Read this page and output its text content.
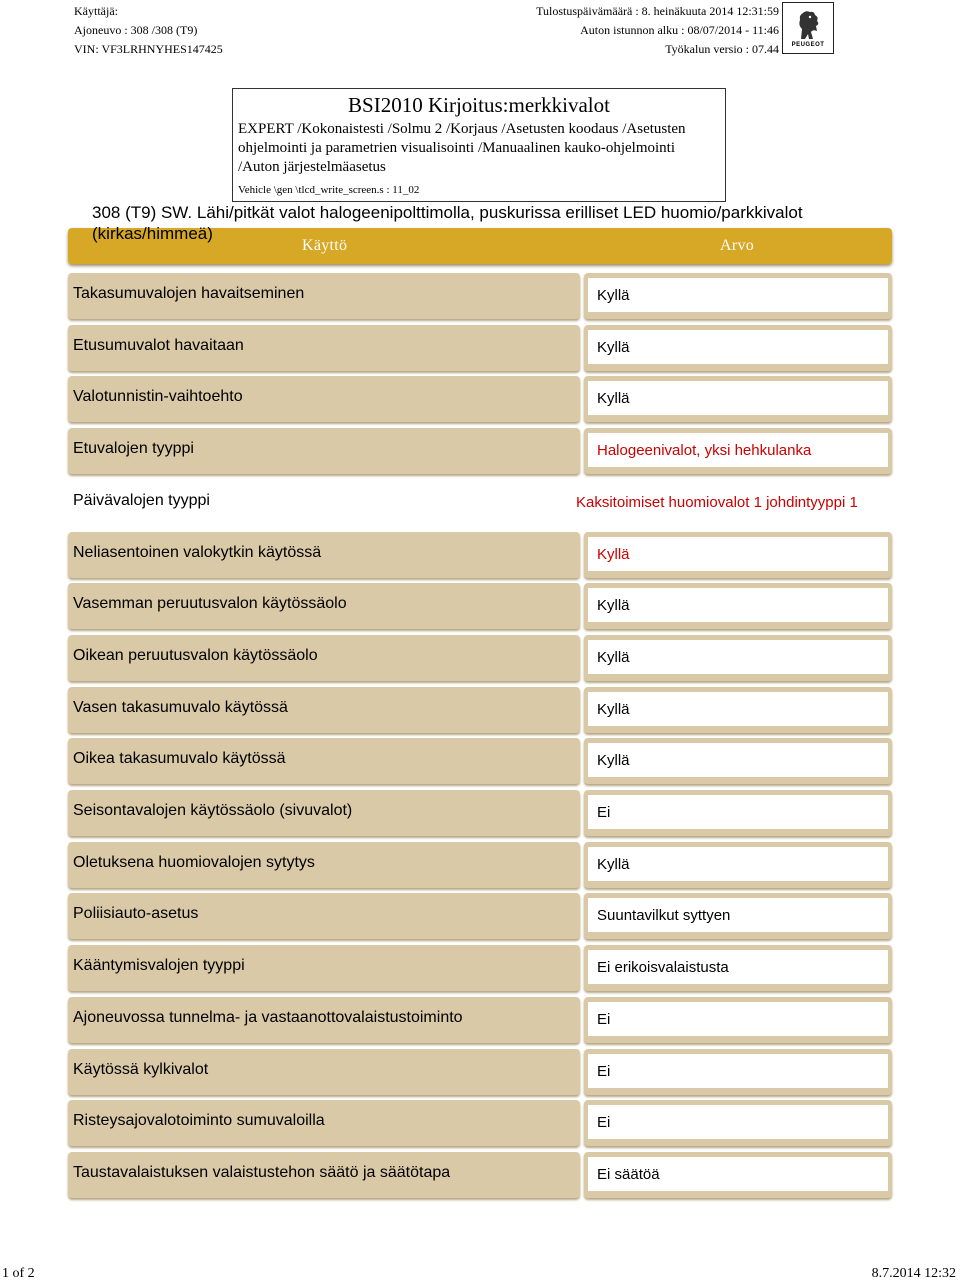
Käyttäjä:
Ajoneuvo : 308 /308 (T9)
VIN: VF3LRHNYHES147425
Tulostuspäivämäärä : 8. heinäkuuta 2014 12:31:59
Auton istunnon alku : 08/07/2014 - 11:46
Työkalun versio : 07.44 PEUGEOT
BSI2010 Kirjoitus:merkkivalot
EXPERT /Kokonaistesti /Solmu 2 /Korjaus /Asetusten koodaus /Asetusten ohjelmointi ja parametrien visualisointi /Manuaalinen kauko-ohjelmointi /Auton järjestelmäasetus
Vehicle \gen \tlcd_write_screen.s : 11_02
308 (T9) SW. Lähi/pitkät valot halogeenipolttimolla, puskurissa erilliset LED huomio/parkkivalot (kirkas/himmeä)
Käyttö	Arvo
Takasumuvalojen havaitseminen	Kyllä
Etusumuvalot havaitaan	Kyllä
Valotunnistin-vaihtoehto	Kyllä
Etuvalojen tyyppi	Halogeenivalot, yksi hehkulanka
Päivävalojen tyyppi	Kaksitoimiset huomiovalot 1 johdintyyppi 1
Neliasentoinen valokytkin käytössä	Kyllä
Vasemman peruutusvalon käytössäolo	Kyllä
Oikean peruutusvalon käytössäolo	Kyllä
Vasen takasumuvalo käytössä	Kyllä
Oikea takasumuvalo käytössä	Kyllä
Seisontavalojen käytössäolo (sivuvalot)	Ei
Oletuksena huomiovalojen sytytys	Kyllä
Poliisiauto-asetus	Suuntavilkut syttyen
Kääntymisvalojen tyyppi	Ei erikoisvalaistusta
Ajoneuvossa tunnelma- ja vastaanottovalaistustoiminto	Ei
Käytössä kylkivalot	Ei
Risteysajovalotoiminto sumuvaloilla	Ei
Taustavalaistuksen valaistustehon säätö ja säätötapa	Ei säätöä
1 of 2	8.7.2014 12:32
